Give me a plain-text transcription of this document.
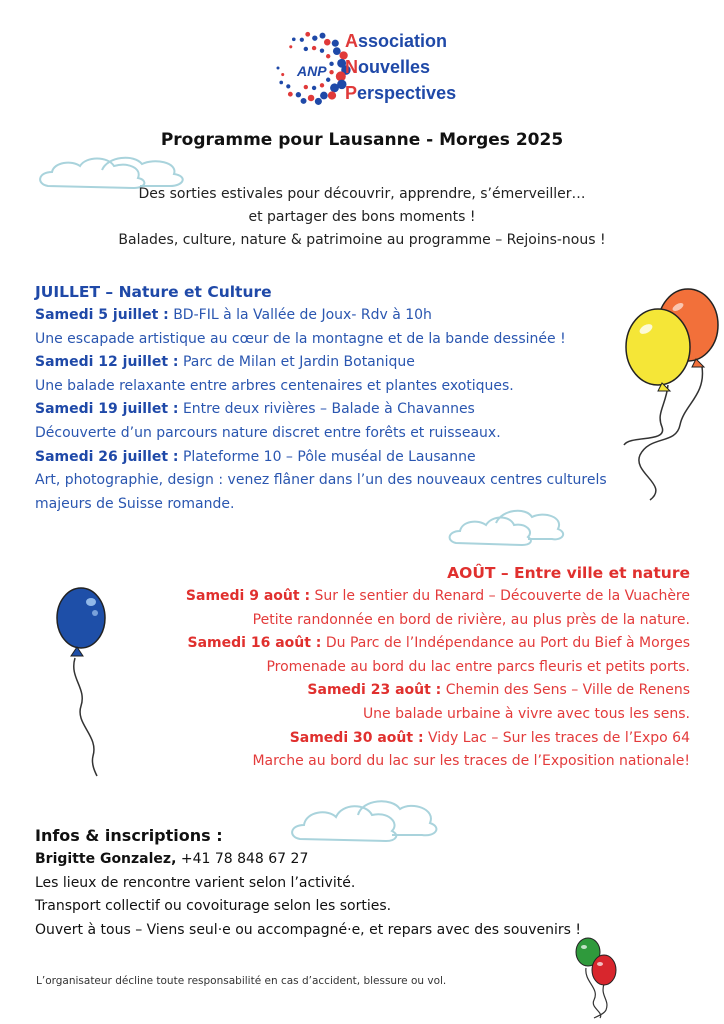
ANP
Association
Nouvelles
Perspectives
Programme pour Lausanne - Morges 2025
Des sorties estivales pour découvrir, apprendre, s’émerveiller…
et partager des bons moments !
Balades, culture, nature & patrimoine au programme – Rejoins-nous !
JUILLET – Nature et Culture
Samedi 5 juillet : BD-FIL à la Vallée de Joux- Rdv à 10h
Une escapade artistique au cœur de la montagne et de la bande dessinée !
Samedi 12 juillet : Parc de Milan et Jardin Botanique
Une balade relaxante entre arbres centenaires et plantes exotiques.
Samedi 19 juillet : Entre deux rivières – Balade à Chavannes
Découverte d’un parcours nature discret entre forêts et ruisseaux.
Samedi 26 juillet : Plateforme 10 – Pôle muséal de Lausanne
Art, photographie, design : venez flâner dans l’un des nouveaux centres culturels majeurs de Suisse romande.
AOÛT – Entre ville et nature
Samedi 9 août : Sur le sentier du Renard – Découverte de la Vuachère
Petite randonnée en bord de rivière, au plus près de la nature.
Samedi 16 août : Du Parc de l’Indépendance au Port du Bief à Morges
Promenade au bord du lac entre parcs fleuris et petits ports.
Samedi 23 août : Chemin des Sens – Ville de Renens
Une balade urbaine à vivre avec tous les sens.
Samedi 30 août : Vidy Lac – Sur les traces de l’Expo 64
Marche au bord du lac sur les traces de l’Exposition nationale!
Infos & inscriptions :
Brigitte Gonzalez, +41 78 848 67 27
Les lieux de rencontre varient selon l’activité.
Transport collectif ou covoiturage selon les sorties.
Ouvert à tous – Viens seul·e ou accompagné·e, et repars avec des souvenirs !
L’organisateur décline toute responsabilité en cas d’accident, blessure ou vol.
